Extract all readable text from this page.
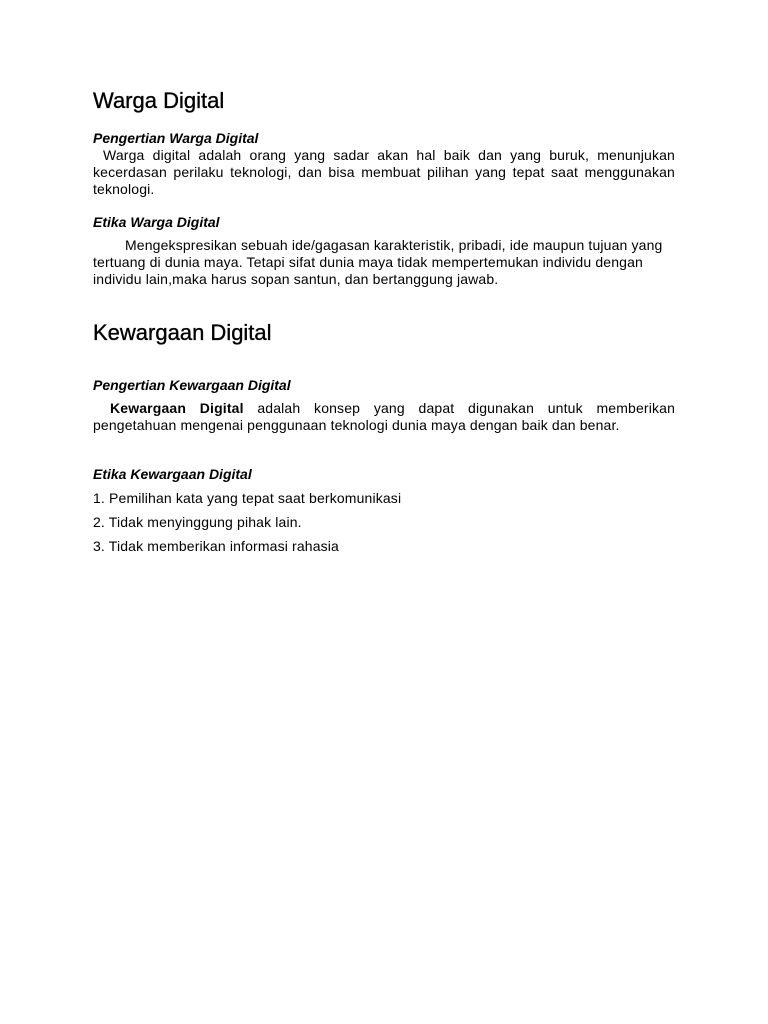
Warga Digital
Pengertian Warga Digital

Warga digital adalah orang yang sadar akan hal baik dan yang buruk, menunjukan kecerdasan perilaku teknologi, dan bisa membuat pilihan yang tepat saat menggunakan teknologi.

Etika Warga Digital

Mengekspresikan sebuah ide/gagasan karakteristik, pribadi, ide maupun tujuan yang tertuang di dunia maya. Tetapi sifat dunia maya tidak mempertemukan individu dengan individu lain,maka harus sopan santun, dan bertanggung jawab.

Kewargaan Digital
Pengertian Kewargaan Digital

Kewargaan Digital adalah konsep yang dapat digunakan untuk memberikan pengetahuan mengenai penggunaan teknologi dunia maya dengan baik dan benar.

Etika Kewargaan Digital
1. Pemilihan kata yang tepat saat berkomunikasi
2. Tidak menyinggung pihak lain.
3. Tidak memberikan informasi rahasia
